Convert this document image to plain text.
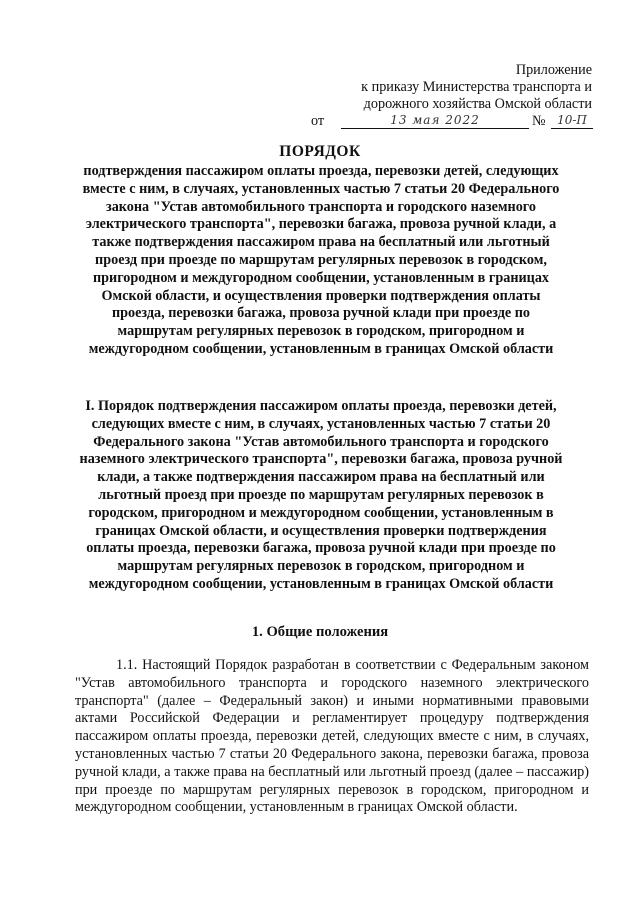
Приложение
к приказу Министерства транспорта и
дорожного хозяйства Омской области
от	13 мая 2022	№ 10-П
ПОРЯДОК
подтверждения пассажиром оплаты проезда, перевозки детей, следующих вместе с ним, в случаях, установленных частью 7 статьи 20 Федерального закона "Устав автомобильного транспорта и городского наземного электрического транспорта", перевозки багажа, провоза ручной клади, а также подтверждения пассажиром права на бесплатный или льготный проезд при проезде по маршрутам регулярных перевозок в городском, пригородном и междугородном сообщении, установленным в границах Омской области, и осуществления проверки подтверждения оплаты проезда, перевозки багажа, провоза ручной клади при проезде по маршрутам регулярных перевозок в городском, пригородном и междугородном сообщении, установленным в границах Омской области
I. Порядок подтверждения пассажиром оплаты проезда, перевозки детей, следующих вместе с ним, в случаях, установленных частью 7 статьи 20 Федерального закона "Устав автомобильного транспорта и городского наземного электрического транспорта", перевозки багажа, провоза ручной клади, а также подтверждения пассажиром права на бесплатный или льготный проезд при проезде по маршрутам регулярных перевозок в городском, пригородном и междугородном сообщении, установленным в границах Омской области, и осуществления проверки подтверждения оплаты проезда, перевозки багажа, провоза ручной клади при проезде по маршрутам регулярных перевозок в городском, пригородном и междугородном сообщении, установленным в границах Омской области
1. Общие положения
1.1. Настоящий Порядок разработан в соответствии с Федеральным законом "Устав автомобильного транспорта и городского наземного электрического транспорта" (далее – Федеральный закон) и иными нормативными правовыми актами Российской Федерации и регламентирует процедуру подтверждения пассажиром оплаты проезда, перевозки детей, следующих вместе с ним, в случаях, установленных частью 7 статьи 20 Федерального закона, перевозки багажа, провоза ручной клади, а также права на бесплатный или льготный проезд (далее – пассажир) при проезде по маршрутам регулярных перевозок в городском, пригородном и междугородном сообщении, установленным в границах Омской области.
